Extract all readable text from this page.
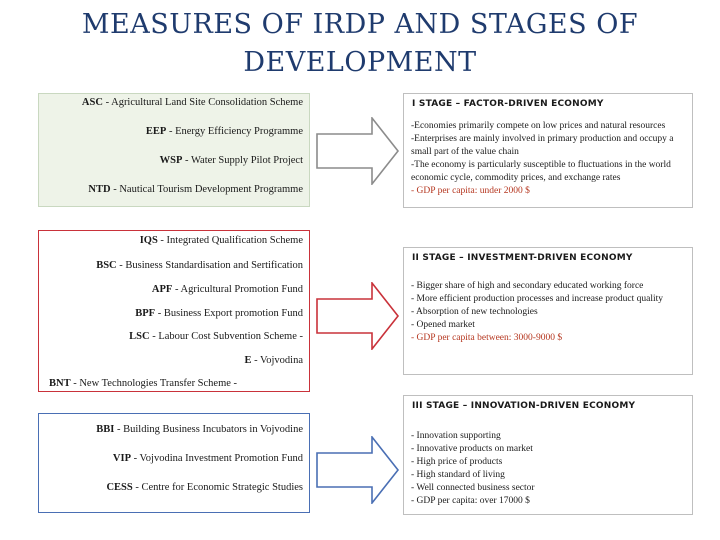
MEASURES OF IRDP AND STAGES OF
DEVELOPMENT
ASC - Agricultural Land Site Consolidation Scheme
EEP - Energy Efficiency Programme
WSP - Water Supply Pilot Project
NTD - Nautical Tourism Development Programme
IQS - Integrated Qualification Scheme
BSC - Business Standardisation and Sertification
APF - Agricultural Promotion Fund
BPF - Business Export promotion Fund
LSC - Labour Cost Subvention Scheme -
E - Vojvodina
BNT - New Technologies Transfer Scheme -
BBI - Building Business Incubators in Vojvodine
VIP - Vojvodina Investment Promotion Fund
CESS - Centre for Economic Strategic Studies
I STAGE – FACTOR-DRIVEN ECONOMY
-Economies primarily compete on low prices and natural resources
-Enterprises are mainly involved in primary production and occupy a small part of the value chain
-The economy is particularly susceptible to fluctuations in the world economic cycle, commodity prices, and exchange rates
- GDP per capita: under 2000 $
II STAGE – INVESTMENT-DRIVEN ECONOMY
- Bigger share of high and secondary educated working force
- More efficient production processes and increase product quality
- Absorption of new technologies
- Opened market
- GDP per capita between: 3000-9000 $
III STAGE – INNOVATION-DRIVEN ECONOMY
- Innovation supporting
- Innovative products on market
- High price of products
- High standard of living
- Well connected business sector
- GDP per capita: over 17000 $
